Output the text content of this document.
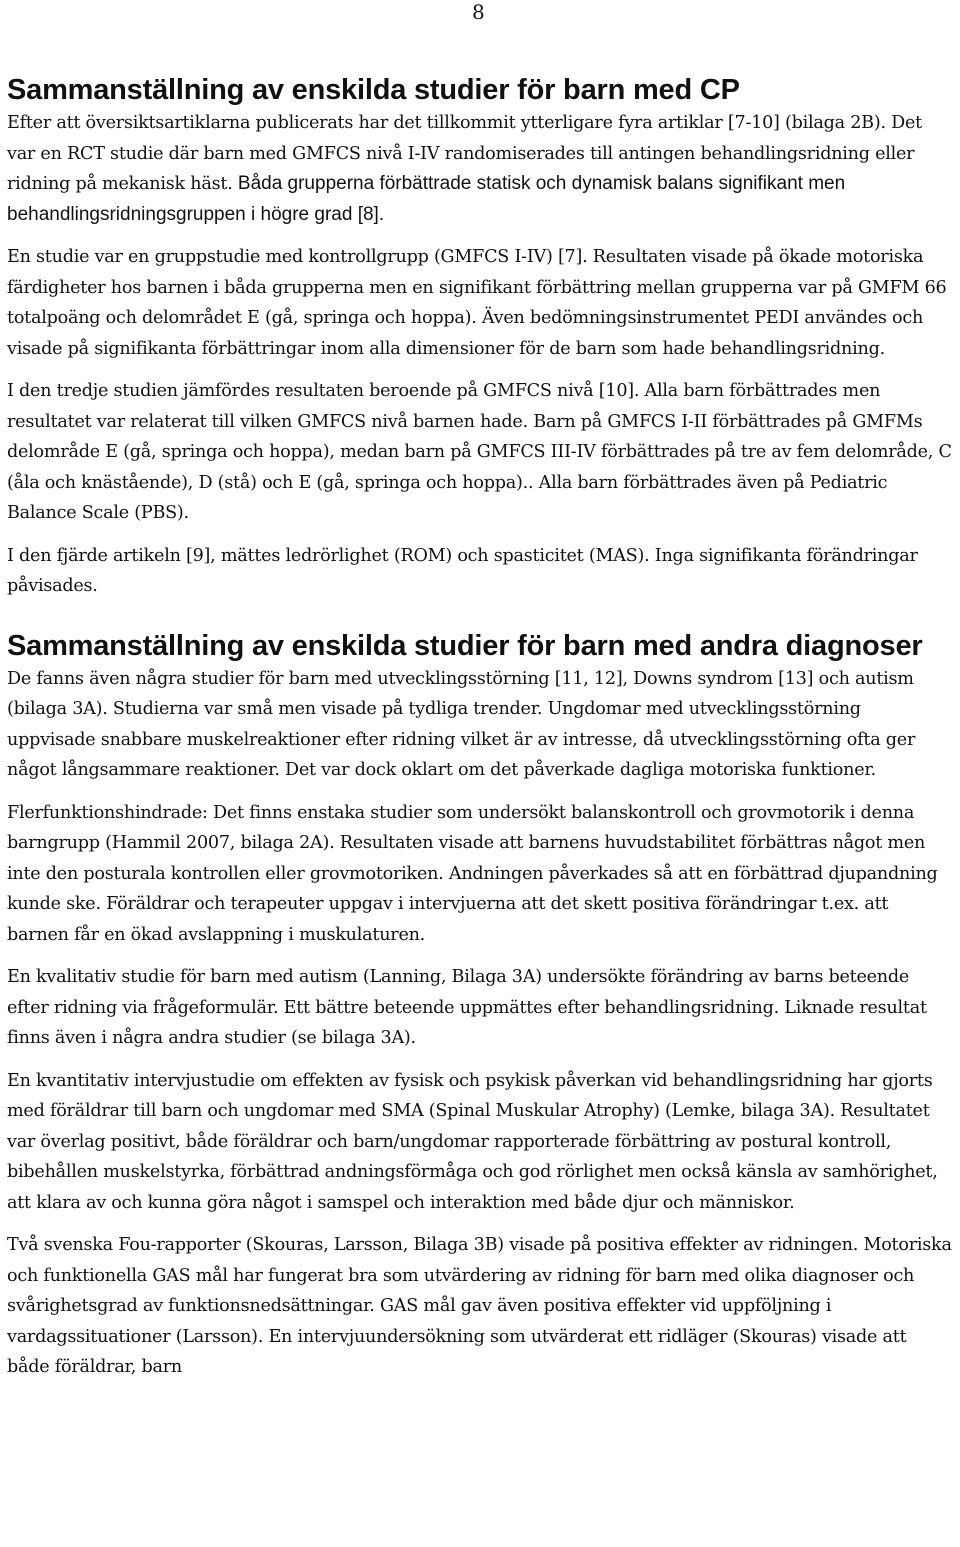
8
Sammanställning av enskilda studier för barn med CP

Efter att översiktsartiklarna publicerats har det tillkommit ytterligare fyra artiklar [7-10] (bilaga 2B). Det var en RCT studie där barn med GMFCS nivå I-IV randomiserades till antingen behandlingsridning eller ridning på mekanisk häst. Båda grupperna förbättrade statisk och dynamisk balans signifikant men behandlingsridningsgruppen i högre grad [8].

En studie var en gruppstudie med kontrollgrupp (GMFCS I-IV) [7]. Resultaten visade på ökade motoriska färdigheter hos barnen i båda grupperna men en signifikant förbättring mellan grupperna var på GMFM 66 totalpoäng och delområdet E (gå, springa och hoppa). Även bedömningsinstrumentet PEDI användes och visade på signifikanta förbättringar inom alla dimensioner för de barn som hade behandlingsridning.

I den tredje studien jämfördes resultaten beroende på GMFCS nivå [10]. Alla barn förbättrades men resultatet var relaterat till vilken GMFCS nivå barnen hade. Barn på GMFCS I-II förbättrades på GMFMs delområde E (gå, springa och hoppa), medan barn på GMFCS III-IV förbättrades på tre av fem delområde, C (åla och knästående), D (stå) och E (gå, springa och hoppa).. Alla barn förbättrades även på Pediatric Balance Scale (PBS).

I den fjärde artikeln [9], mättes ledrörlighet (ROM) och spasticitet (MAS). Inga signifikanta förändringar påvisades.

Sammanställning av enskilda studier för barn med andra diagnoser

De fanns även några studier för barn med utvecklingsstörning [11, 12], Downs syndrom [13] och autism (bilaga 3A). Studierna var små men visade på tydliga trender. Ungdomar med utvecklingsstörning uppvisade snabbare muskelreaktioner efter ridning vilket är av intresse, då utvecklingsstörning ofta ger något långsammare reaktioner. Det var dock oklart om det påverkade dagliga motoriska funktioner.

Flerfunktionshindrade: Det finns enstaka studier som undersökt balanskontroll och grovmotorik i denna barngrupp (Hammil 2007, bilaga 2A). Resultaten visade att barnens huvudstabilitet förbättras något men inte den posturala kontrollen eller grovmotoriken. Andningen påverkades så att en förbättrad djupandning kunde ske. Föräldrar och terapeuter uppgav i intervjuerna att det skett positiva förändringar t.ex. att barnen får en ökad avslappning i muskulaturen.

En kvalitativ studie för barn med autism (Lanning, Bilaga 3A) undersökte förändring av barns beteende efter ridning via frågeformulär. Ett bättre beteende uppmättes efter behandlingsridning. Liknade resultat finns även i några andra studier (se bilaga 3A).

En kvantitativ intervjustudie om effekten av fysisk och psykisk påverkan vid behandlingsridning har gjorts med föräldrar till barn och ungdomar med SMA (Spinal Muskular Atrophy) (Lemke, bilaga 3A). Resultatet var överlag positivt, både föräldrar och barn/ungdomar rapporterade förbättring av postural kontroll, bibehållen muskelstyrka, förbättrad andningsförmåga och god rörlighet men också känsla av samhörighet, att klara av och kunna göra något i samspel och interaktion med både djur och människor.

Två svenska Fou-rapporter (Skouras, Larsson, Bilaga 3B) visade på positiva effekter av ridningen. Motoriska och funktionella GAS mål har fungerat bra som utvärdering av ridning för barn med olika diagnoser och svårighetsgrad av funktionsnedsättningar. GAS mål gav även positiva effekter vid uppföljning i vardagssituationer (Larsson). En intervjuundersökning som utvärderat ett ridläger (Skouras) visade att både föräldrar, barn
